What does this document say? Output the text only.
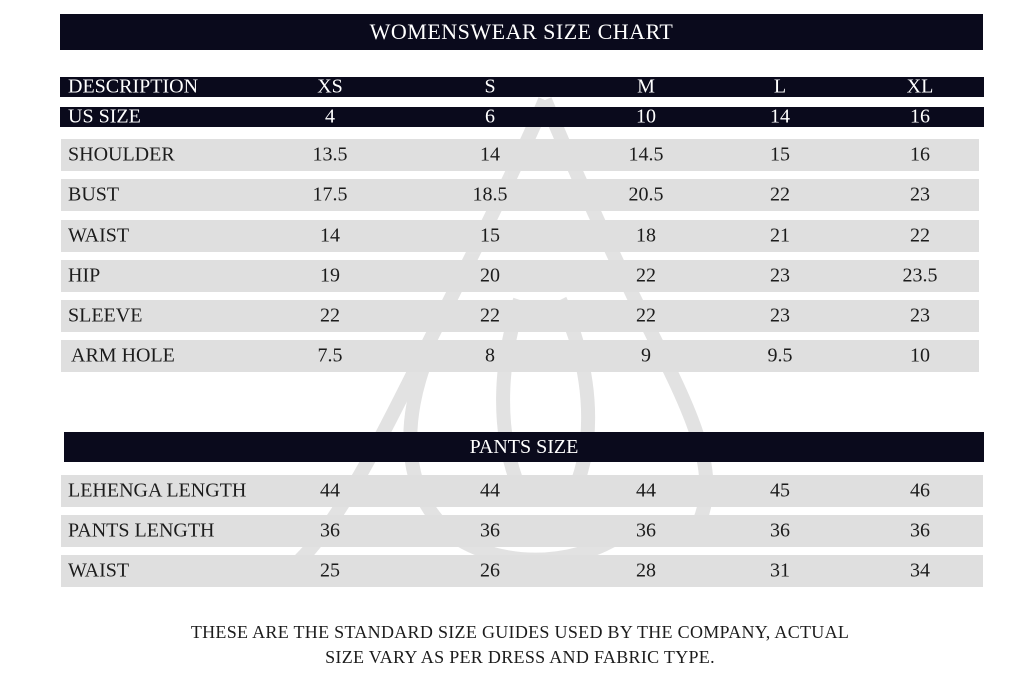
WOMENSWEAR SIZE CHART
DESCRIPTION	XS	S	M	L	XL
US SIZE	4	6	10	14	16
SHOULDER	13.5	14	14.5	15	16
BUST	17.5	18.5	20.5	22	23
WAIST	14	15	18	21	22
HIP	19	20	22	23	23.5
SLEEVE	22	22	22	23	23
ARM HOLE	7.5	8	9	9.5	10
PANTS SIZE
LEHENGA LENGTH	44	44	44	45	46
PANTS LENGTH	36	36	36	36	36
WAIST	25	26	28	31	34
THESE ARE THE STANDARD SIZE GUIDES USED BY THE COMPANY, ACTUAL
SIZE VARY AS PER DRESS AND FABRIC TYPE.
